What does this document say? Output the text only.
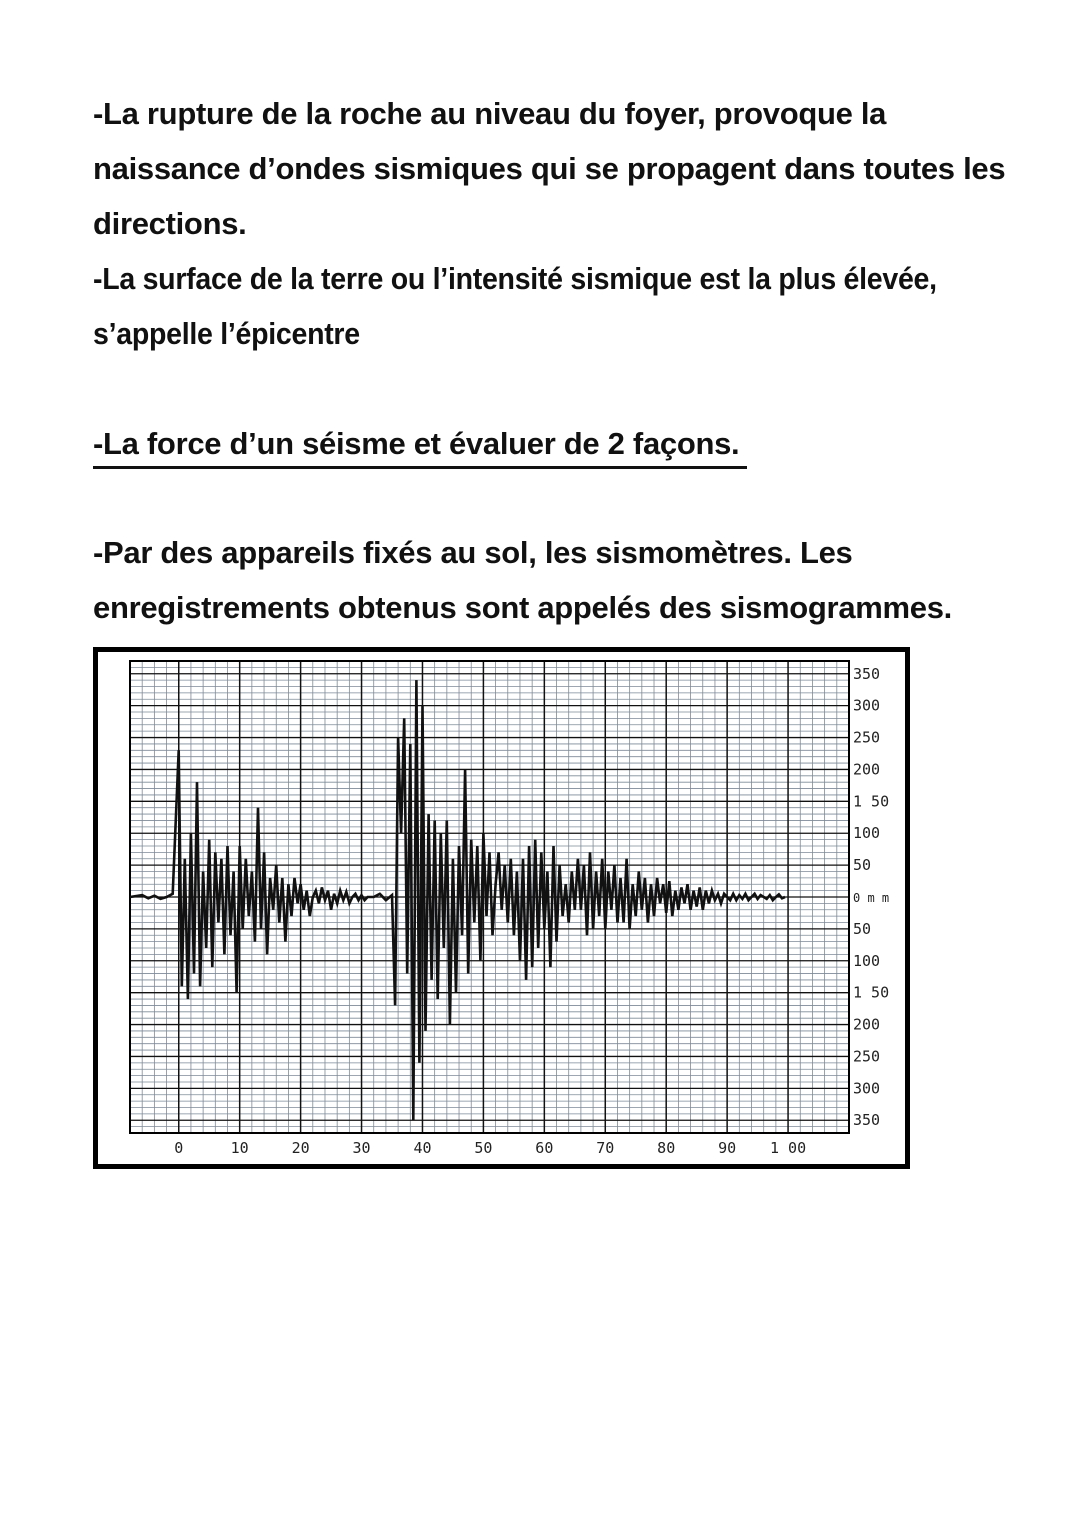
-La rupture de la roche au niveau du foyer, provoque la
naissance d’ondes sismiques qui se propagent dans toutes les
directions.
-La surface de la terre ou l’intensité sismique est la plus élevée,
s’appelle l’épicentre
-La force d’un séisme et évaluer de 2 façons.
-Par des appareils fixés au sol, les sismomètres. Les
enregistrements obtenus sont appelés des sismogrammes.
0	10	20	30	40	50	60	70	80	90 1 00
350
300
250
200
1 50
100
50
0 m m
50
100
1 50
200
250
300
350
